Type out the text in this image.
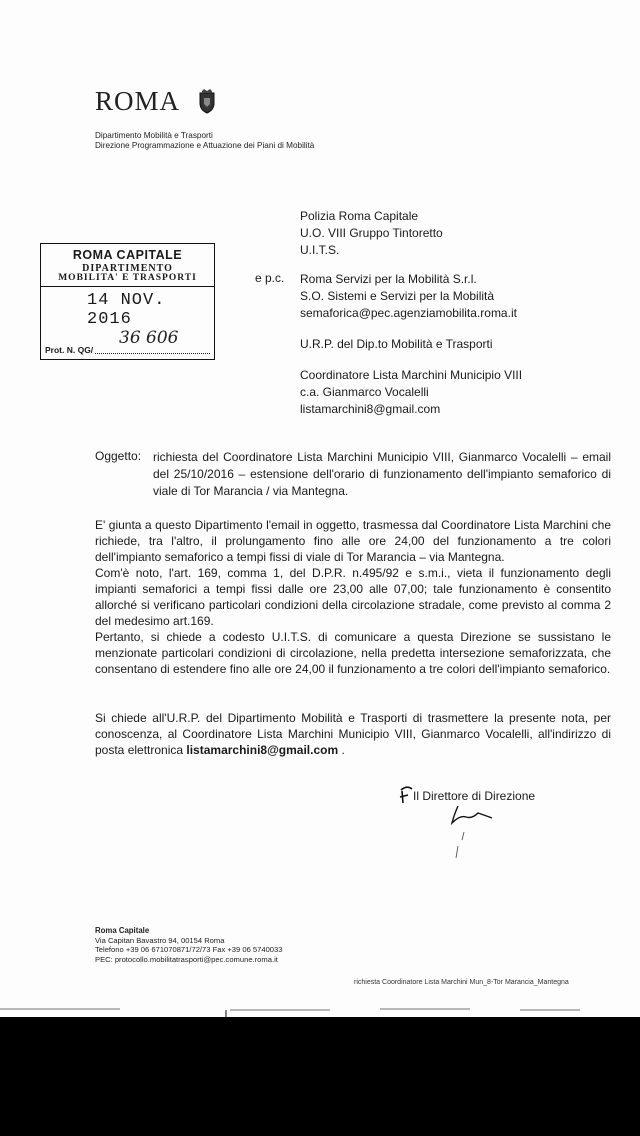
ROMA
Dipartimento Mobilità e Trasporti
Direzione Programmazione e Attuazione dei Piani di Mobilità
Polizia Roma Capitale
U.O. VIII Gruppo Tintoretto
U.I.T.S.
Roma Servizi per la Mobilità S.r.l.
S.O. Sistemi e Servizi per la Mobilità
semaforica@pec.agenziamobilita.roma.it
U.R.P. del Dip.to Mobilità e Trasporti
Coordinatore Lista Marchini Municipio VIII
c.a. Gianmarco Vocalelli
listamarchini8@gmail.com
e p.c.
ROMA CAPITALE
DIPARTIMENTO
MOBILITA' E TRASPORTI
14 NOV. 2016
36 606
Prot. N. QG/
Oggetto: richiesta del Coordinatore Lista Marchini Municipio VIII, Gianmarco Vocalelli – email del 25/10/2016 – estensione dell'orario di funzionamento dell'impianto semaforico di viale di Tor Marancia / via Mantegna.

E' giunta a questo Dipartimento l'email in oggetto, trasmessa dal Coordinatore Lista Marchini che richiede, tra l'altro, il prolungamento fino alle ore 24,00 del funzionamento a tre colori dell'impianto semaforico a tempi fissi di viale di Tor Marancia – via Mantegna.

Com'è noto, l'art. 169, comma 1, del D.P.R. n.495/92 e s.m.i., vieta il funzionamento degli impianti semaforici a tempi fissi dalle ore 23,00 alle 07,00; tale funzionamento è consentito allorché si verificano particolari condizioni della circolazione stradale, come previsto al comma 2 del medesimo art.169.

Pertanto, si chiede a codesto U.I.T.S. di comunicare a questa Direzione se sussistano le menzionate particolari condizioni di circolazione, nella predetta intersezione semaforizzata, che consentano di estendere fino alle ore 24,00 il funzionamento a tre colori dell'impianto semaforico.

Si chiede all'U.R.P. del Dipartimento Mobilità e Trasporti di trasmettere la presente nota, per conoscenza, al Coordinatore Lista Marchini Municipio VIII, Gianmarco Vocalelli, all'indirizzo di posta elettronica listamarchini8@gmail.com .
Il Direttore di Direzione
Roma Capitale
Via Capitan Bavastro 94, 00154 Roma
Telefono +39 06 671070871/72/73 Fax +39 06 5740033
PEC: protocollo.mobilitatrasporti@pec.comune.roma.it
richiesta Coordinatore Lista Marchini Mun_8-Tor Marancia_Mantegna
